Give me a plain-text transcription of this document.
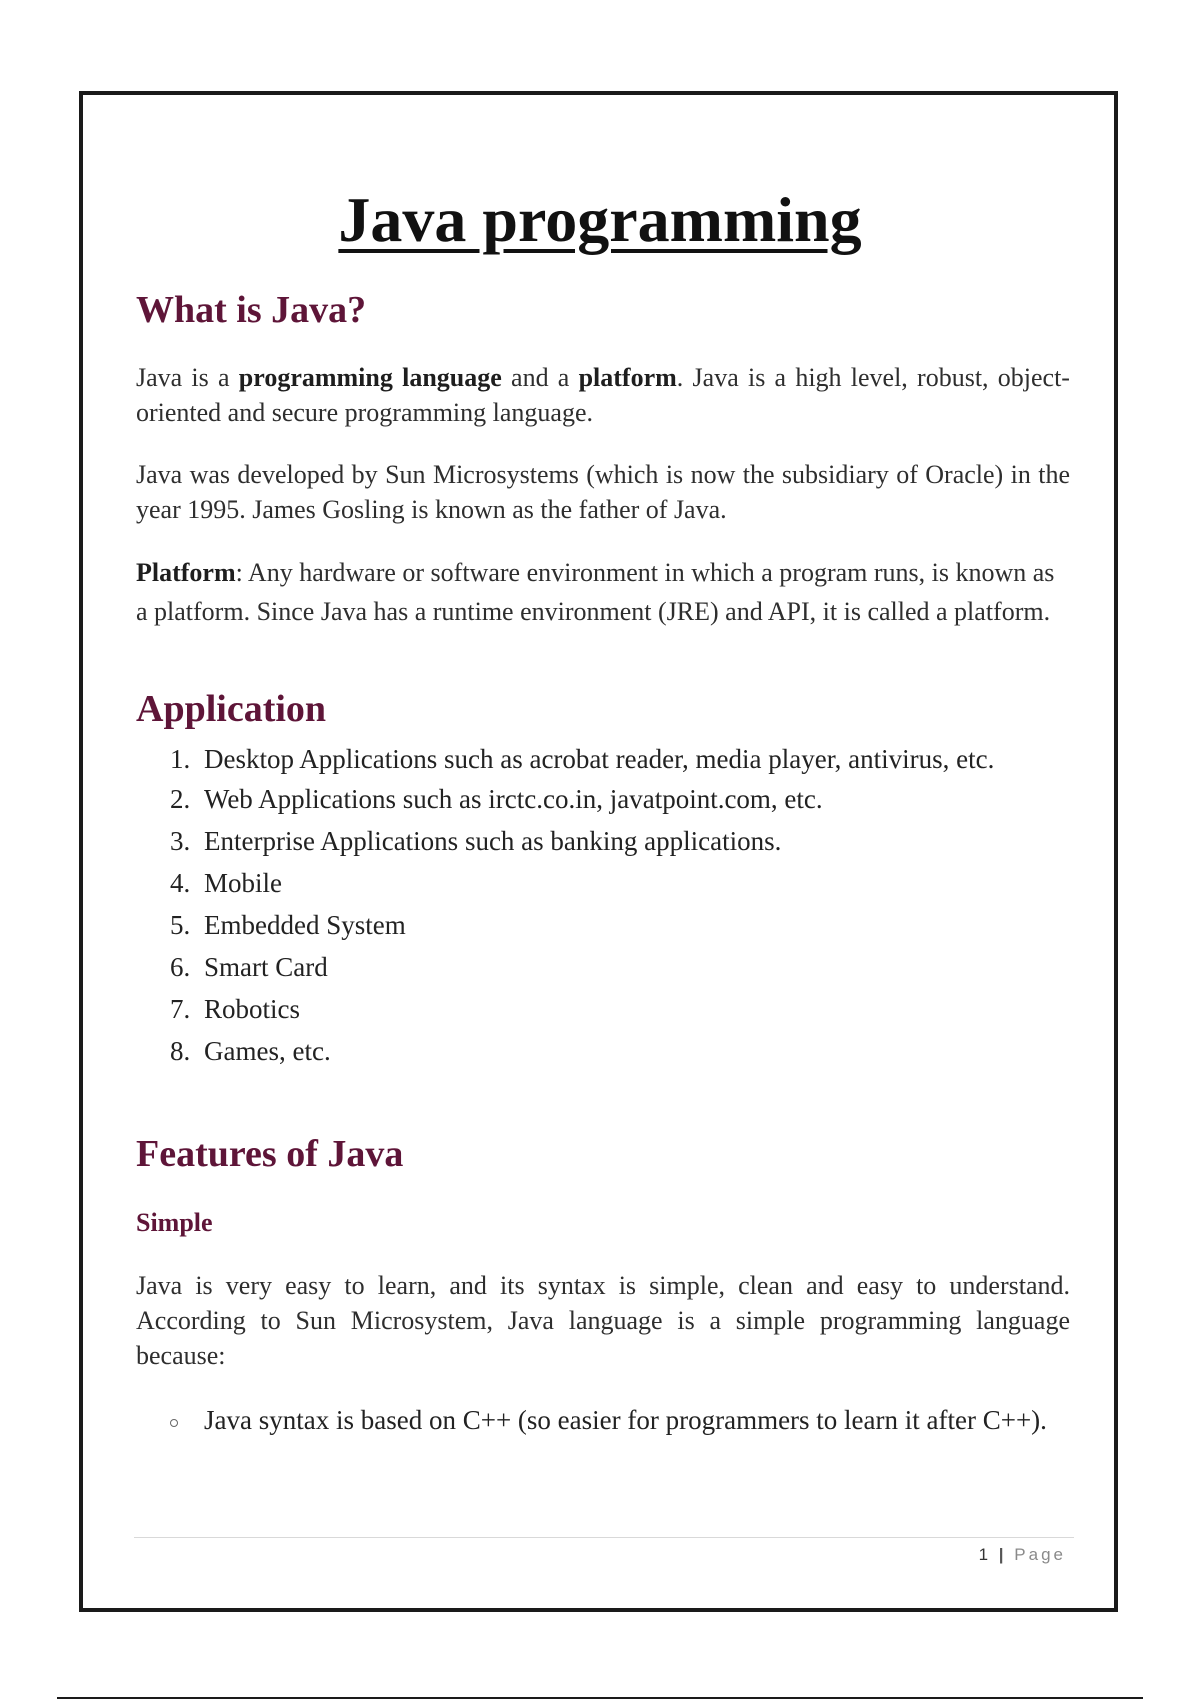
Java programming
What is Java?

Java is a programming language and a platform. Java is a high level, robust, object-oriented and secure programming language.

Java was developed by Sun Microsystems (which is now the subsidiary of Oracle) in the year 1995. James Gosling is known as the father of Java.

Platform: Any hardware or software environment in which a program runs, is known as a platform. Since Java has a runtime environment (JRE) and API, it is called a platform.

Application
1. Desktop Applications such as acrobat reader, media player, antivirus, etc.
2. Web Applications such as irctc.co.in, javatpoint.com, etc.
3. Enterprise Applications such as banking applications.
4. Mobile
5. Embedded System
6. Smart Card
7. Robotics
8. Games, etc.
Features of Java
Simple

Java is very easy to learn, and its syntax is simple, clean and easy to understand. According to Sun Microsystem, Java language is a simple programming language because:

Java syntax is based on C++ (so easier for programmers to learn it after C++).
1 | Page
